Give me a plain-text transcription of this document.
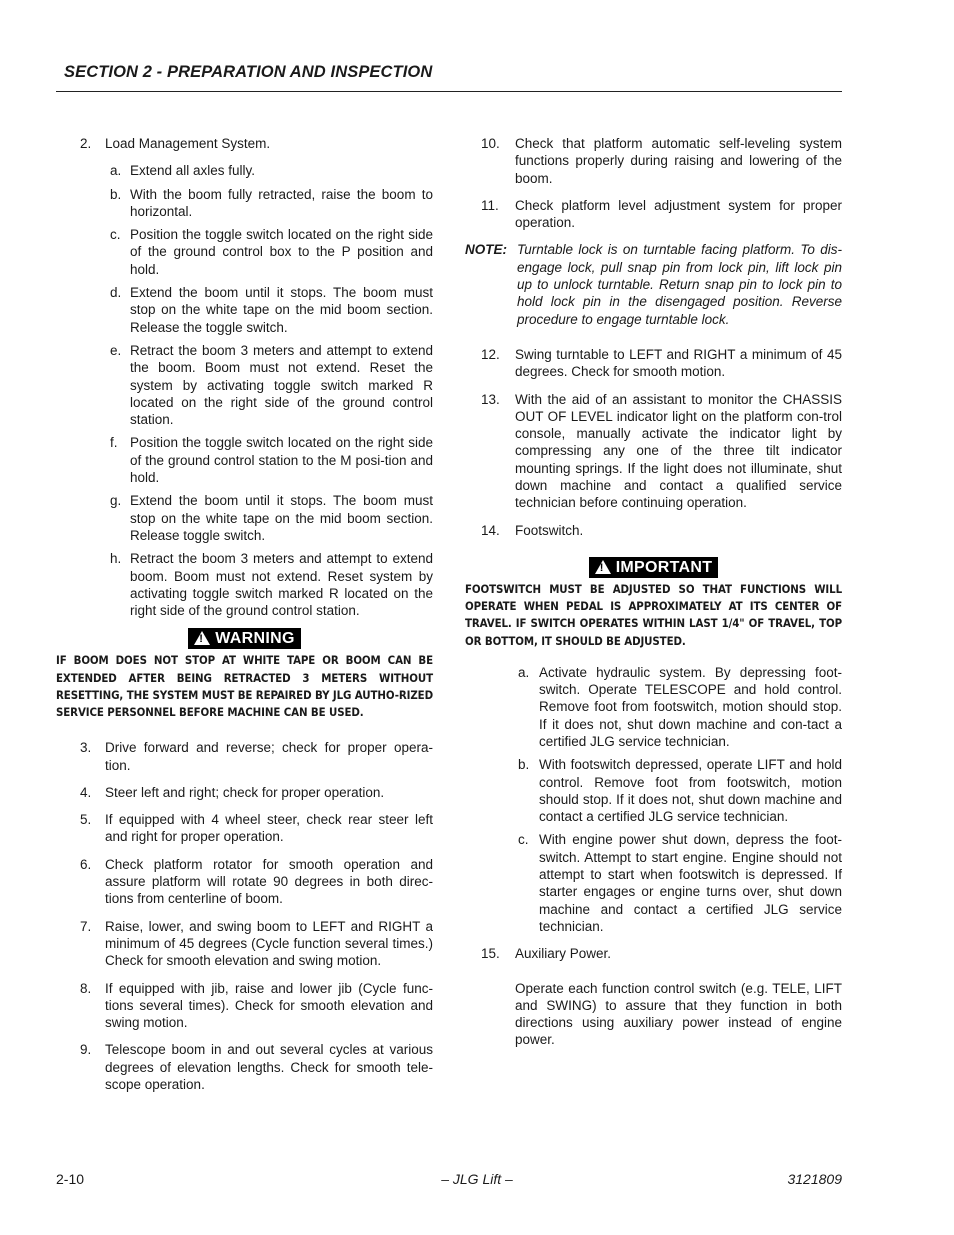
SECTION 2 - PREPARATION AND INSPECTION
2. Load Management System.
a. Extend all axles fully.
b. With the boom fully retracted, raise the boom to horizontal.
c. Position the toggle switch located on the right side of the ground control box to the P position and hold.
d. Extend the boom until it stops. The boom must stop on the white tape on the mid boom section. Release the toggle switch.
e. Retract the boom 3 meters and attempt to extend the boom. Boom must not extend. Reset the system by activating toggle switch marked R located on the right side of the ground control station.
f. Position the toggle switch located on the right side of the ground control station to the M posi-tion and hold.
g. Extend the boom until it stops. The boom must stop on the white tape on the mid boom section. Release toggle switch.
h. Retract the boom 3 meters and attempt to extend boom. Boom must not extend. Reset system by activating toggle switch marked R located on the right side of the ground control station.
!WARNING
IF BOOM DOES NOT STOP AT WHITE TAPE OR BOOM CAN BE EXTENDED AFTER BEING RETRACTED 3 METERS WITHOUT RESETTING, THE SYSTEM MUST BE REPAIRED BY JLG AUTHO-RIZED SERVICE PERSONNEL BEFORE MACHINE CAN BE USED.
3. Drive forward and reverse; check for proper opera-tion.
4. Steer left and right; check for proper operation.
5. If equipped with 4 wheel steer, check rear steer left and right for proper operation.
6. Check platform rotator for smooth operation and assure platform will rotate 90 degrees in both direc-tions from centerline of boom.
7. Raise, lower, and swing boom to LEFT and RIGHT a minimum of 45 degrees (Cycle function several times.) Check for smooth elevation and swing motion.
8. If equipped with jib, raise and lower jib (Cycle func-tions several times). Check for smooth elevation and swing motion.
9. Telescope boom in and out several cycles at various degrees of elevation lengths. Check for smooth tele-scope operation.
10. Check that platform automatic self-leveling system functions properly during raising and lowering of the boom.
11. Check platform level adjustment system for proper operation.
NOTE: Turntable lock is on turntable facing platform. To dis-engage lock, pull snap pin from lock pin, lift lock pin up to unlock turntable. Return snap pin to lock pin to hold lock pin in the disengaged position. Reverse procedure to engage turntable lock.
12. Swing turntable to LEFT and RIGHT a minimum of 45 degrees. Check for smooth motion.
13. With the aid of an assistant to monitor the CHASSIS OUT OF LEVEL indicator light on the platform con-trol console, manually activate the indicator light by compressing any one of the three tilt indicator mounting springs. If the light does not illuminate, shut down machine and contact a qualified service technician before continuing operation.
14. Footswitch.
!IMPORTANT
FOOTSWITCH MUST BE ADJUSTED SO THAT FUNCTIONS WILL OPERATE WHEN PEDAL IS APPROXIMATELY AT ITS CENTER OF TRAVEL. IF SWITCH OPERATES WITHIN LAST 1/4" OF TRAVEL, TOP OR BOTTOM, IT SHOULD BE ADJUSTED.
a. Activate hydraulic system. By depressing foot-switch. Operate TELESCOPE and hold control. Remove foot from footswitch, motion should stop. If it does not, shut down machine and con-tact a certified JLG service technician.
b. With footswitch depressed, operate LIFT and hold control. Remove foot from footswitch, motion should stop. If it does not, shut down machine and contact a certified JLG service technician.
c. With engine power shut down, depress the foot-switch. Attempt to start engine. Engine should not attempt to start when footswitch is depressed. If starter engages or engine turns over, shut down machine and contact a certified JLG service technician.
15. Auxiliary Power.
Operate each function control switch (e.g. TELE, LIFT and SWING) to assure that they function in both directions using auxiliary power instead of engine power.
2-10	– JLG Lift –	3121809
